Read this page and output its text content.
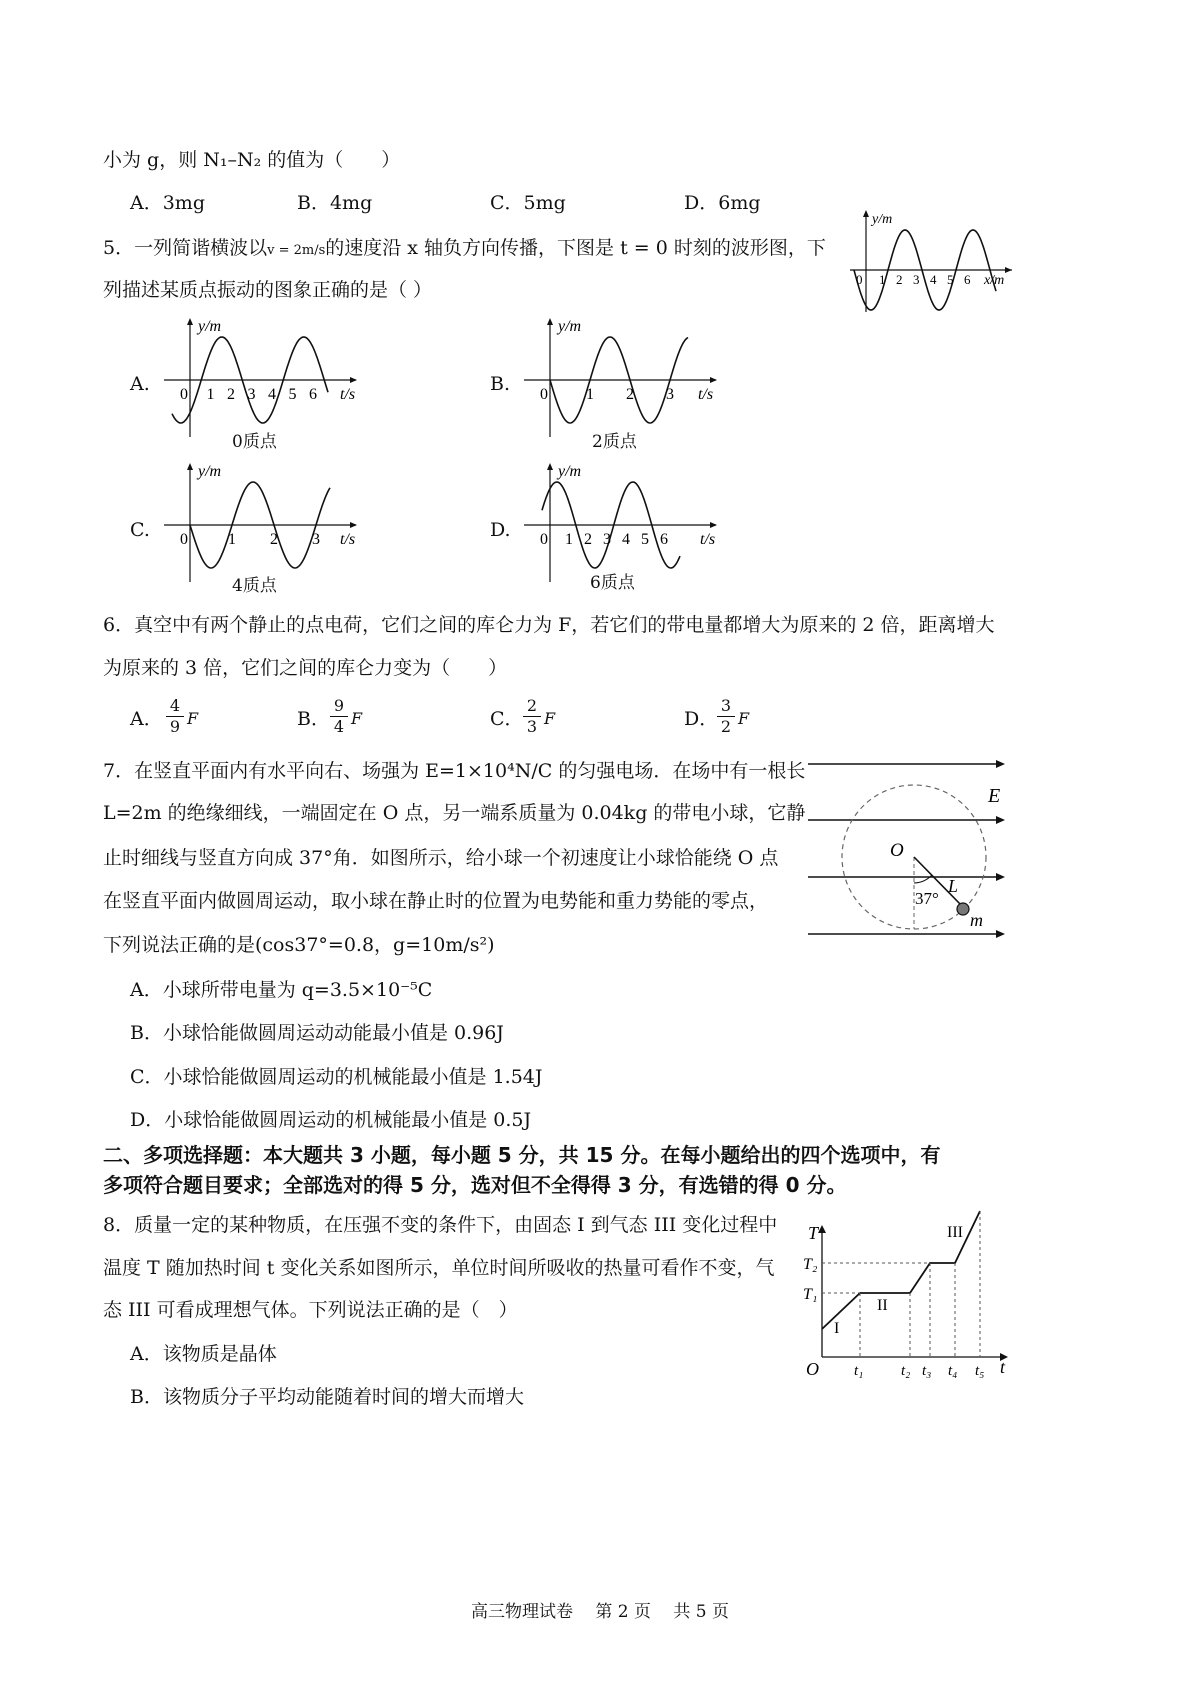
小为 g，则 N₁–N₂ 的值为（　　）
A．3mg	B．4mg	C．5mg	D．6mg
5．一列简谐横波以v = 2m/s的速度沿 x 轴负方向传播，下图是 t = 0 时刻的波形图，下
列描述某质点振动的图象正确的是（ ）
y/m
x/m
0 1 2 3 4 5 6
A.
y/m
t/s
0 1 2 3 4 5 6
0质点
B.
y/m
t/s
0 1 2 3
2质点
C.
y/m
t/s
0	1 2 3
4质点
D.
y/m
t/s
0 1 2 3 4 5 6
6质点
6．真空中有两个静止的点电荷，它们之间的库仑力为 F，若它们的带电量都增大为原来的 2 倍，距离增大
为原来的 3 倍，它们之间的库仑力变为（　　）
A． $\frac{4}{9}$ F	B． $\frac{9}{4}$ F	C． $\frac{2}{3}$ F	D．
$\frac{3}{2}$ F
7．在竖直平面内有水平向右、场强为 E=1×10⁴N/C 的匀强电场．在场中有一根长
L=2m 的绝缘细线，一端固定在 O 点，另一端系质量为 0.04kg 的带电小球，它静
止时细线与竖直方向成 37°角．如图所示，给小球一个初速度让小球恰能绕 O 点
在竖直平面内做圆周运动，取小球在静止时的位置为电势能和重力势能的零点，
下列说法正确的是(cos37°=0.8，g=10m/s²)
A．小球所带电量为 q=3.5×10⁻⁵C
B．小球恰能做圆周运动动能最小值是 0.96J
C．小球恰能做圆周运动的机械能最小值是 1.54J
D．小球恰能做圆周运动的机械能最小值是 0.5J
E
O
37°
L
m
二、多项选择题：本大题共 3 小题，每小题 5 分，共 15 分。在每小题给出的四个选项中，有
多项符合题目要求；全部选对的得 5 分，选对但不全得得 3 分，有选错的得 0 分。
8．质量一定的某种物质，在压强不变的条件下，由固态 I 到气态 III 变化过程中
温度 T 随加热时间 t 变化关系如图所示，单位时间所吸收的热量可看作不变，气
态 III 可看成理想气体。下列说法正确的是（　）
A．该物质是晶体
B．该物质分子平均动能随着时间的增大而增大
T
t
O
T₁
T₂
t₁	t₂ t₃ t₄ t₅
I
II
III
高三物理试卷　 第 2 页　 共 5 页
